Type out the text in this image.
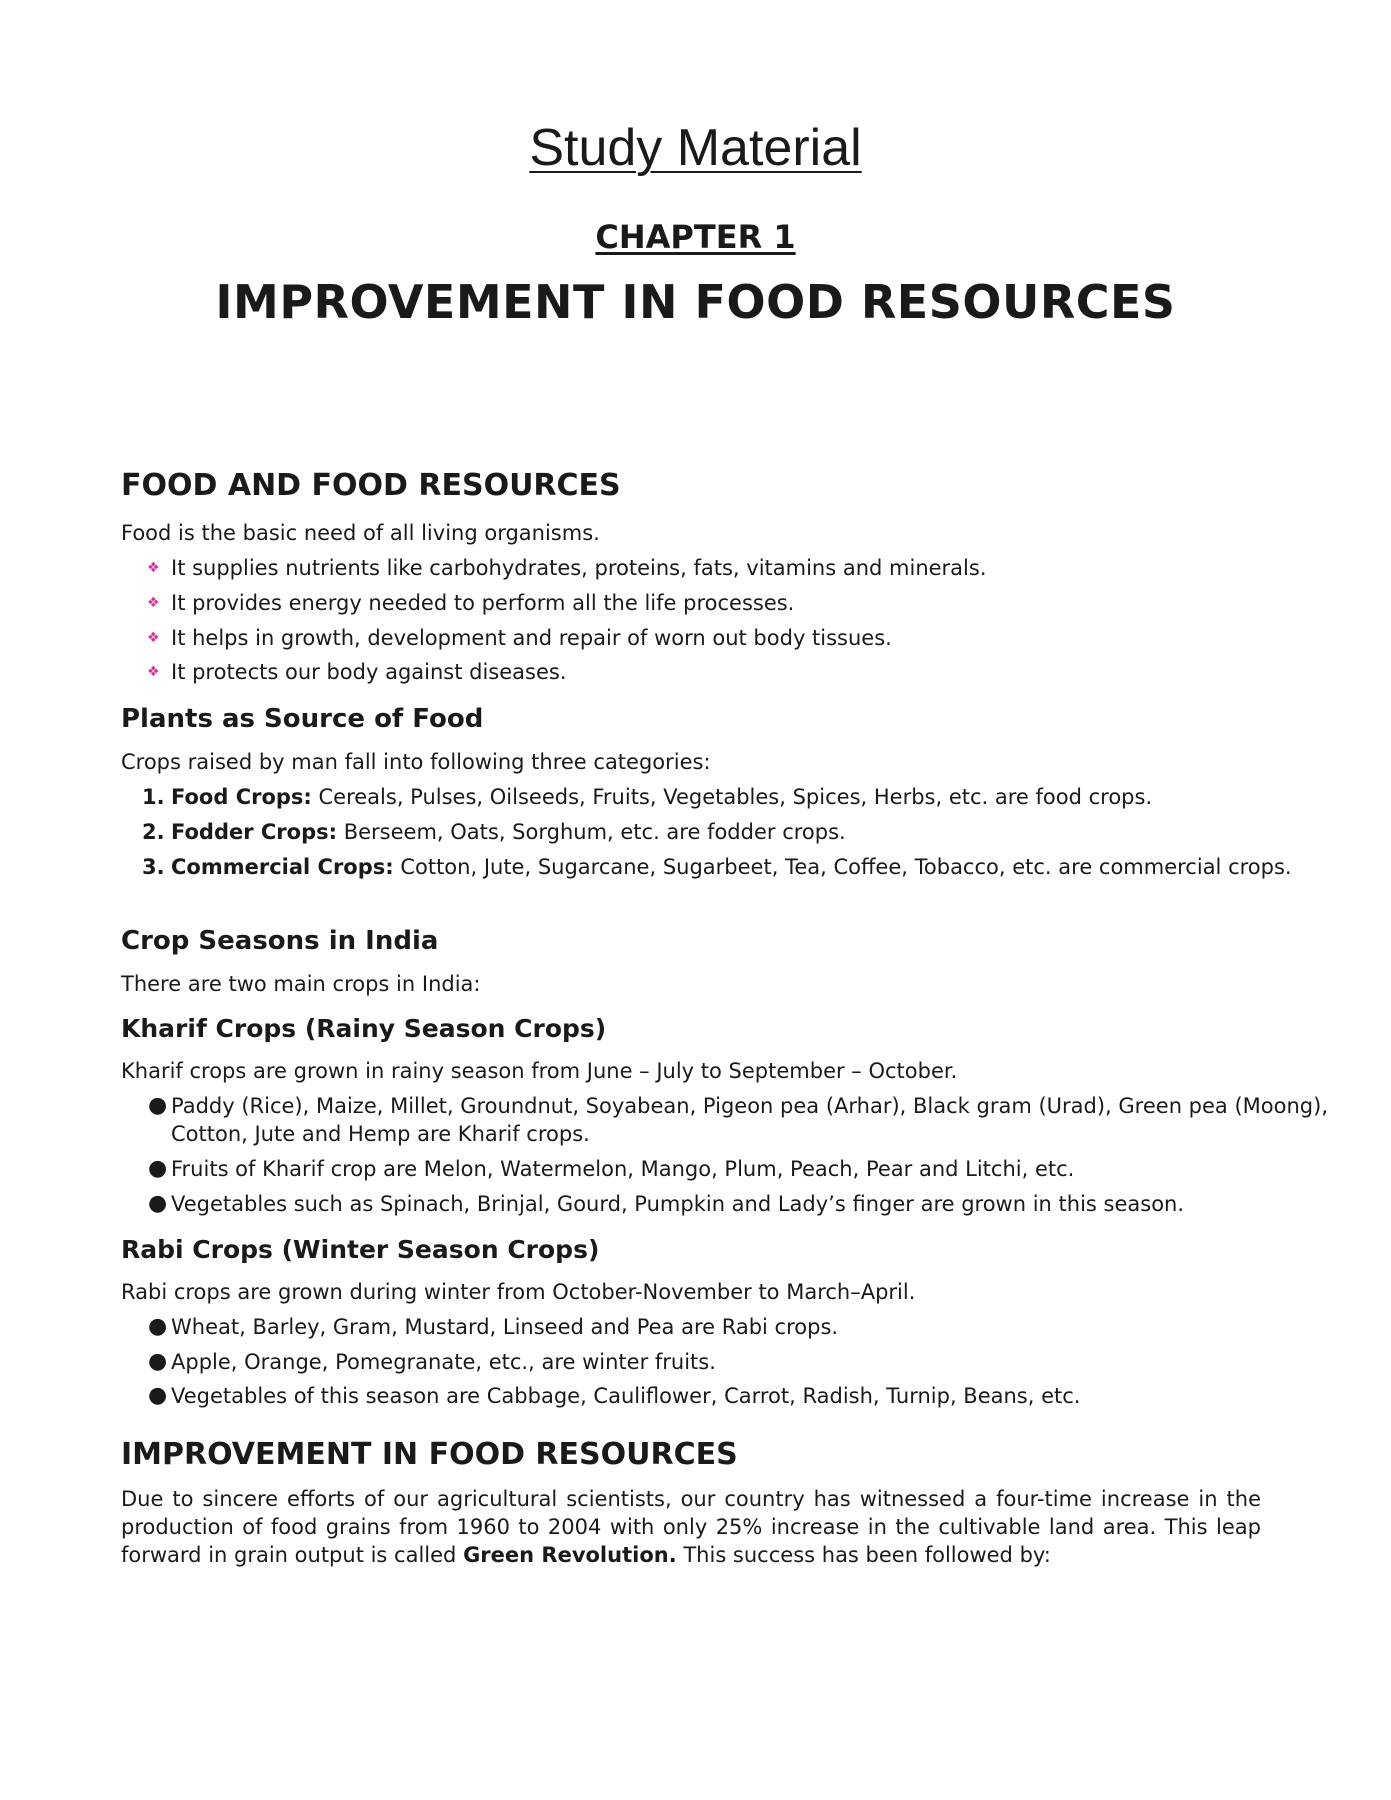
Study Material
CHAPTER 1
IMPROVEMENT IN FOOD RESOURCES
FOOD AND FOOD RESOURCES
Food is the basic need of all living organisms.
❖ It supplies nutrients like carbohydrates, proteins, fats, vitamins and minerals.
❖ It provides energy needed to perform all the life processes.
❖ It helps in growth, development and repair of worn out body tissues.
❖ It protects our body against diseases.
Plants as Source of Food
Crops raised by man fall into following three categories:
1. Food Crops: Cereals, Pulses, Oilseeds, Fruits, Vegetables, Spices, Herbs, etc. are food crops.
2. Fodder Crops: Berseem, Oats, Sorghum, etc. are fodder crops.
3. Commercial Crops: Cotton, Jute, Sugarcane, Sugarbeet, Tea, Coffee, Tobacco, etc. are commercial crops.
Crop Seasons in India
There are two main crops in India:
Kharif Crops (Rainy Season Crops)
Kharif crops are grown in rainy season from June – July to September – October.
● Paddy (Rice), Maize, Millet, Groundnut, Soyabean, Pigeon pea (Arhar), Black gram (Urad), Green pea (Moong),
Cotton, Jute and Hemp are Kharif crops.
● Fruits of Kharif crop are Melon, Watermelon, Mango, Plum, Peach, Pear and Litchi, etc.
● Vegetables such as Spinach, Brinjal, Gourd, Pumpkin and Lady’s finger are grown in this season.
Rabi Crops (Winter Season Crops)
Rabi crops are grown during winter from October-November to March–April.
● Wheat, Barley, Gram, Mustard, Linseed and Pea are Rabi crops.
● Apple, Orange, Pomegranate, etc., are winter fruits.
● Vegetables of this season are Cabbage, Cauliflower, Carrot, Radish, Turnip, Beans, etc.
IMPROVEMENT IN FOOD RESOURCES
Due to sincere efforts of our agricultural scientists, our country has witnessed a four-time increase in the production of food grains from 1960 to 2004 with only 25% increase in the cultivable land area. This leap forward in grain output is called Green Revolution. This success has been followed by:
